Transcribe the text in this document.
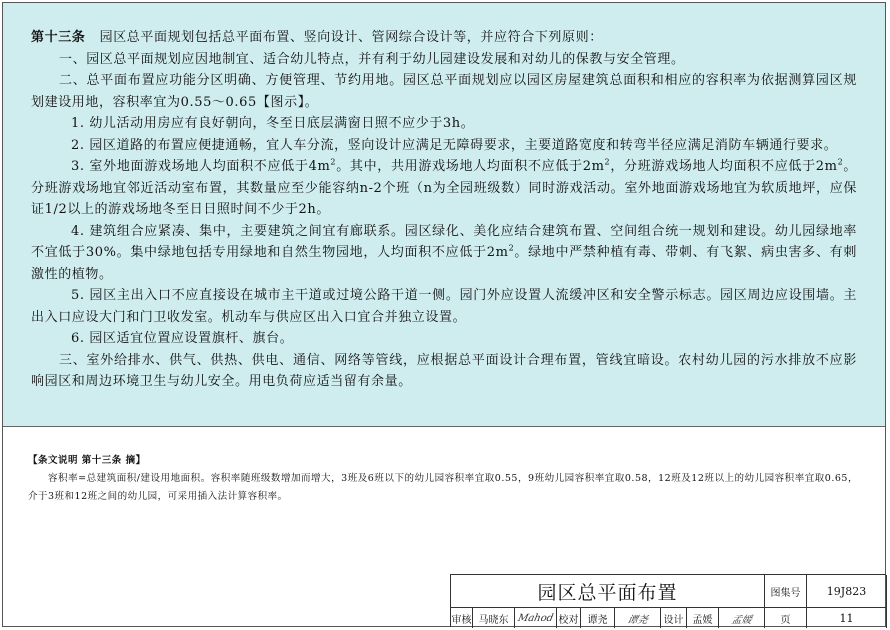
第十三条 园区总平面规划包括总平面布置、竖向设计、管网综合设计等，并应符合下列原则：

一、园区总平面规划应因地制宜、适合幼儿特点，并有利于幼儿园建设发展和对幼儿的保教与安全管理。

二、总平面布置应功能分区明确、方便管理、节约用地。园区总平面规划应以园区房屋建筑总面积和相应的容积率为依据测算园区规划建设用地，容积率宜为0.55～0.65【图示】。

1. 幼儿活动用房应有良好朝向，冬至日底层满窗日照不应少于3h。

2. 园区道路的布置应便捷通畅，宜人车分流，竖向设计应满足无障碍要求，主要道路宽度和转弯半径应满足消防车辆通行要求。

3. 室外地面游戏场地人均面积不应低于$4m^2$。其中，共用游戏场地人均面积不应低于$2m^2$，分班游戏场地人均面积不应低于$2m^2$。分班游戏场地宜邻近活动室布置，其数量应至少能容纳n-2个班（n为全园班级数）同时游戏活动。室外地面游戏场地宜为软质地坪，应保证1/2以上的游戏场地冬至日日照时间不少于2h。

4. 建筑组合应紧凑、集中，主要建筑之间宜有廊联系。园区绿化、美化应结合建筑布置、空间组合统一规划和建设。幼儿园绿地率不宜低于30%。集中绿地包括专用绿地和自然生物园地，人均面积不应低于$2m^2$。绿地中严禁种植有毒、带刺、有飞絮、病虫害多、有刺激性的植物。

5. 园区主出入口不应直接设在城市主干道或过境公路干道一侧。园门外应设置人流缓冲区和安全警示标志。园区周边应设围墙。主出入口应设大门和门卫收发室。机动车与供应区出入口宜合并独立设置。

6. 园区适宜位置应设置旗杆、旗台。

三、室外给排水、供气、供热、供电、通信、网络等管线，应根据总平面设计合理布置，管线宜暗设。农村幼儿园的污水排放不应影响园区和周边环境卫生与幼儿安全。用电负荷应适当留有余量。

【条文说明 第十三条 摘】

容积率=总建筑面积/建设用地面积。容积率随班级数增加而增大，3班及6班以下的幼儿园容积率宜取0.55，9班幼儿园容积率宜取0.58，12班及12班以上的幼儿园容积率宜取0.65，介于3班和12班之间的幼儿园，可采用插入法计算容积率。

园区总平面布置	图集号	19J823
审核 马晓东 Mahod 校对 谭尧	谭尧 设计 孟媛	孟媛	页	11
